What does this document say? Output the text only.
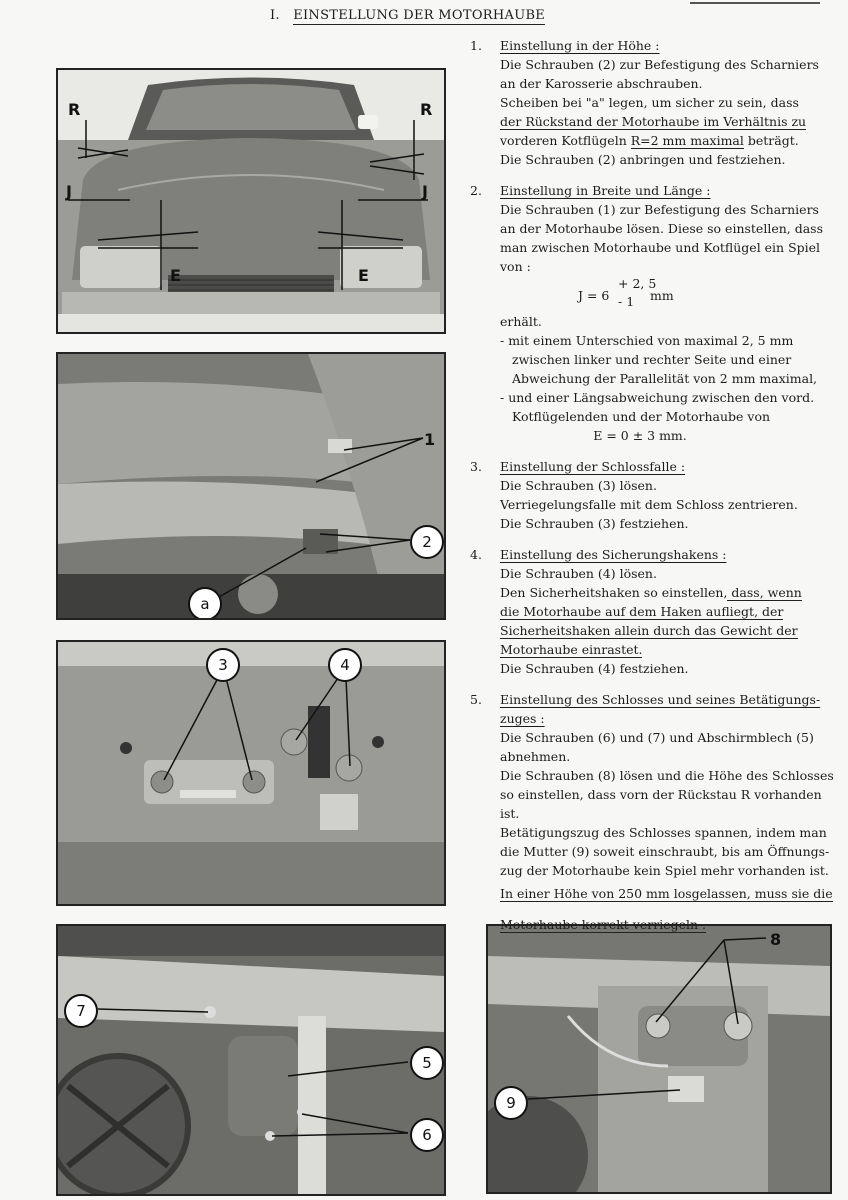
I. EINSTELLUNG DER MOTORHAUBE
R	R
J	J
E	E
1
2
a
3	4
7
5
6
8
9
1. Einstellung in der Höhe :
Die Schrauben (2) zur Befestigung des Scharniers
an der Karosserie abschrauben.
Scheiben bei "a" legen, um sicher zu sein, dass
der Rückstand der Motorhaube im Verhältnis zu
vorderen Kotflügeln R=2 mm maximal beträgt.
Die Schrauben (2) anbringen und festziehen.
2. Einstellung in Breite und Länge :
Die Schrauben (1) zur Befestigung des Scharniers
an der Motorhaube lösen. Diese so einstellen, dass
man zwischen Motorhaube und Kotflügel ein Spiel
von :
J = 6
+ 2, 5
- 1 mm
erhält.
- mit einem Unterschied von maximal 2, 5 mm zwischen linker und rechter Seite und einer Abweichung der Parallelität von 2 mm maximal,
- und einer Längsabweichung zwischen den vord. Kotflügelenden und der Motorhaube von
E = 0 ± 3 mm.
3. Einstellung der Schlossfalle :
Die Schrauben (3) lösen.
Verriegelungsfalle mit dem Schloss zentrieren.
Die Schrauben (3) festziehen.
4. Einstellung des Sicherungshakens :
Die Schrauben (4) lösen.
Den Sicherheitshaken so einstellen, dass, wenn
die Motorhaube auf dem Haken aufliegt, der
Sicherheitshaken allein durch das Gewicht der
Motorhaube einrastet.
Die Schrauben (4) festziehen.
5. Einstellung des Schlosses und seines Betätigungs-
zuges :
Die Schrauben (6) und (7) und Abschirmblech (5)
abnehmen.
Die Schrauben (8) lösen und die Höhe des Schlosses
so einstellen, dass vorn der Rückstau R vorhanden
ist.
Betätigungszug des Schlosses spannen, indem man
die Mutter (9) soweit einschraubt, bis am Öffnungs-
zug der Motorhaube kein Spiel mehr vorhanden ist.
In einer Höhe von 250 mm losgelassen, muss sie die
Motorhaube korrekt verriegeln .
